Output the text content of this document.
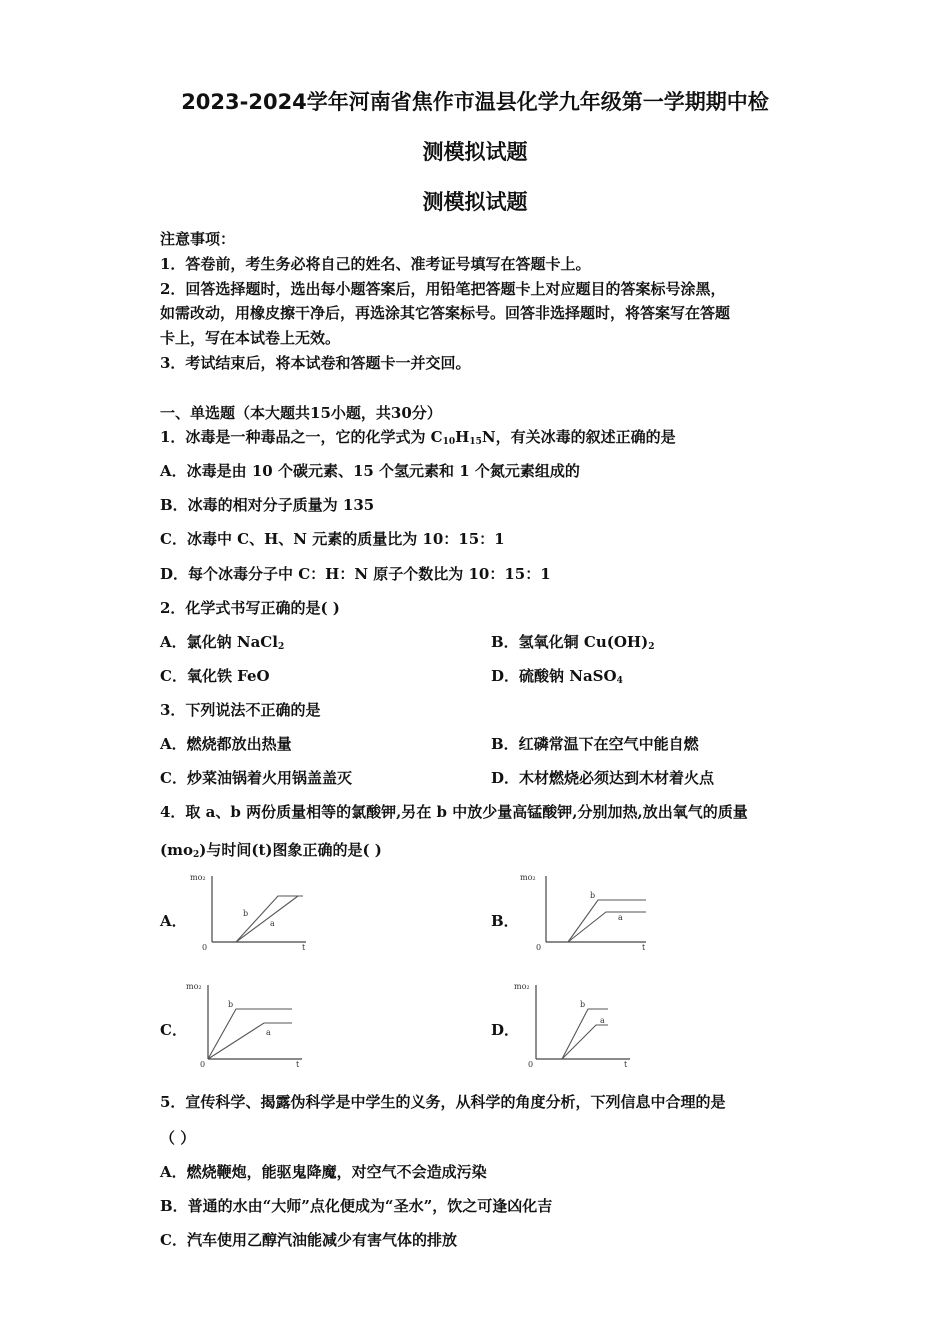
2023-2024学年河南省焦作市温县化学九年级第一学期期中检
测模拟试题
测模拟试题
注意事项：
1．答卷前，考生务必将自己的姓名、准考证号填写在答题卡上。
2．回答选择题时，选出每小题答案后，用铅笔把答题卡上对应题目的答案标号涂黑，
如需改动，用橡皮擦干净后，再选涂其它答案标号。回答非选择题时，将答案写在答题
卡上，写在本试卷上无效。
3．考试结束后，将本试卷和答题卡一并交回。
一、单选题（本大题共15小题，共30分）
1．冰毒是一种毒品之一，它的化学式为 $C_{10}H_{15}N$，有关冰毒的叙述正确的是
A．冰毒是由 10 个碳元素、15 个氢元素和 1 个氮元素组成的
B．冰毒的相对分子质量为 135
C．冰毒中 C、H、N 元素的质量比为 10：15：1
D．每个冰毒分子中 C：H：N 原子个数比为 10：15：1
2．化学式书写正确的是( )
A．氯化钠 NaCl$_2$	B．氢氧化铜 $Cu(OH)_2$
C．氧化铁 FeO	D．硫酸钠 NaSO$_4$
3．下列说法不正确的是
A．燃烧都放出热量	B．红磷常温下在空气中能自燃
C．炒菜油锅着火用锅盖盖灭	D．木材燃烧必须达到木材着火点
4．取 a、b 两份质量相等的氯酸钾,另在 b 中放少量高锰酸钾,分别加热,放出氧气的质量
$(mo_2)$与时间(t)图象正确的是( )
A．	B．
C．	D．
mo₂
t
0
b
a
mo₂
t
0
b
a
mo₂
t
0
b
a
mo₂
t
0
b
a
5．宣传科学、揭露伪科学是中学生的义务，从科学的角度分析，下列信息中合理的是
（ ）
A．燃烧鞭炮，能驱鬼降魔，对空气不会造成污染
B．普通的水由“大师”点化便成为“圣水”，饮之可逢凶化吉
C．汽车使用乙醇汽油能减少有害气体的排放
